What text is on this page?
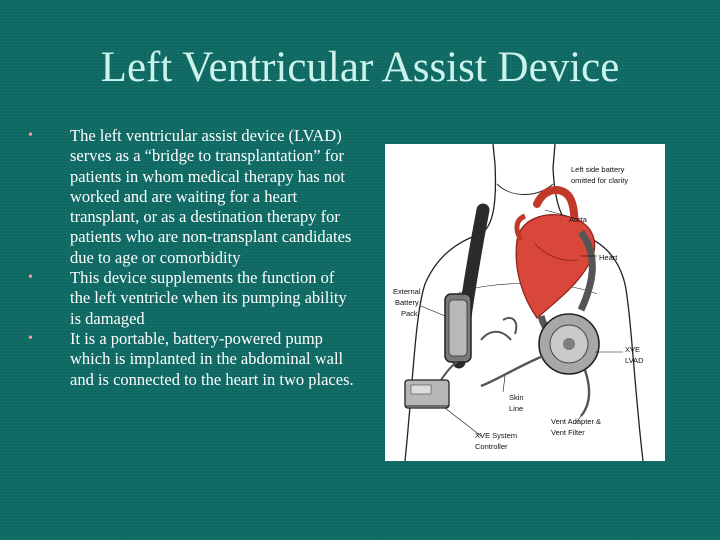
Left Ventricular Assist Device
• The left ventricular assist device (LVAD) serves as a “bridge to transplantation” for patients in whom medical therapy has not worked and are waiting for a heart transplant, or as a destination therapy for patients who are non-transplant candidates due to age or comorbidity
• This device supplements the function of the left ventricle when its pumping ability is damaged
• It is a portable, battery-powered pump which is implanted in the abdominal wall and is connected to the heart in two places.
Left side battery
omitted for clarity
Aorta
Heart
External
Battery
Pack
XVE
LVAD
Skin
Line
Vent Adapter &
Vent Filter
XVE System
Controller
